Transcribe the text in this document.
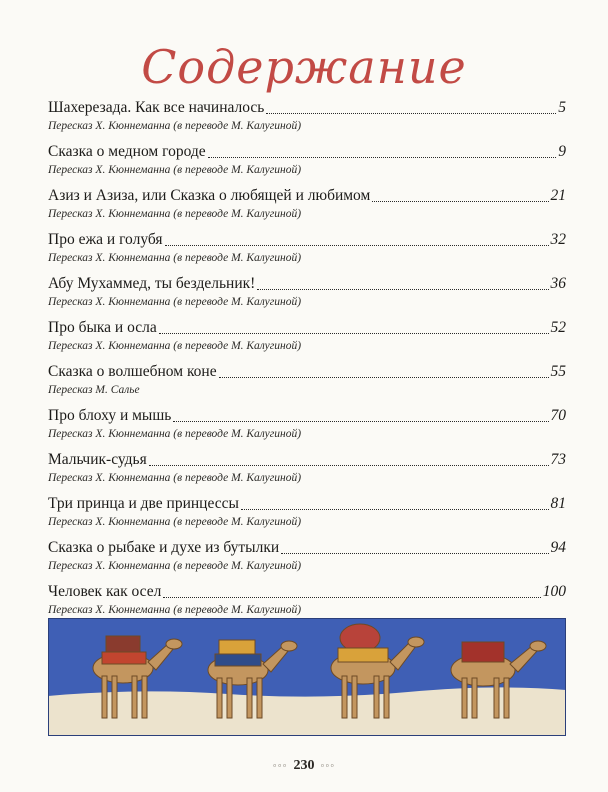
Содержание
Шахерезада. Как все начиналось	5
Пересказ Х. Кюннеманна (в переводе М. Калугиной)
Сказка о медном городе	9
Пересказ Х. Кюннеманна (в переводе М. Калугиной)
Азиз и Азиза, или Сказка о любящей и любимом	21
Пересказ Х. Кюннеманна (в переводе М. Калугиной)
Про ежа и голубя	32
Пересказ Х. Кюннеманна (в переводе М. Калугиной)
Абу Мухаммед, ты бездельник!	36
Пересказ Х. Кюннеманна (в переводе М. Калугиной)
Про быка и осла	52
Пересказ Х. Кюннеманна (в переводе М. Калугиной)
Сказка о волшебном коне	55
Пересказ М. Салье
Про блоху и мышь	70
Пересказ Х. Кюннеманна (в переводе М. Калугиной)
Мальчик-судья	73
Пересказ Х. Кюннеманна (в переводе М. Калугиной)
Три принца и две принцессы	81
Пересказ Х. Кюннеманна (в переводе М. Калугиной)
Сказка о рыбаке и духе из бутылки	94
Пересказ Х. Кюннеманна (в переводе М. Калугиной)
Человек как осел	100
Пересказ Х. Кюннеманна (в переводе М. Калугиной)
◦◦◦ 230 ◦◦◦
